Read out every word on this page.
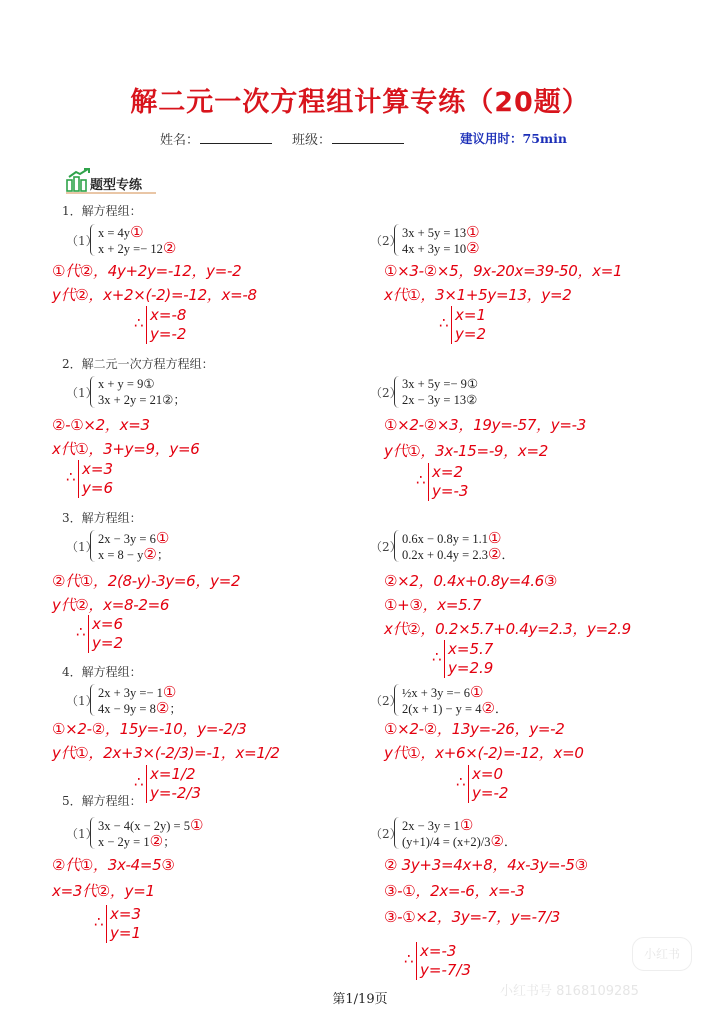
解二元一次方程组计算专练（20题）
姓名：	班级：	建议用时：75min
题型专练
1．解方程组：
（1）
x = 4y①
x + 2y =− 12②
①代②，4y+2y=-12，y=-2
y代②，x+2×(-2)=-12，x=-8
∴ x=-8
y=-2
（2）
3x + 5y = 13①
4x + 3y = 10②
①×3-②×5，9x-20x=39-50，x=1
x代①，3×1+5y=13，y=2
∴ x=1
y=2
2．解二元一次方程方程组：
（1）
x + y = 9①
3x + 2y = 21②；
②-①×2，x=3
x代①，3+y=9，y=6
∴ x=3
y=6
（2）
3x + 5y =− 9①
2x − 3y = 13②
①×2-②×3，19y=-57，y=-3
y代①，3x-15=-9，x=2
∴ x=2
y=-3
3．解方程组：
（1）
2x − 3y = 6①
x = 8 − y②；
②代①，2(8-y)-3y=6，y=2
y代②，x=8-2=6
∴ x=6
y=2
（2）
0.6x − 0.8y = 1.1①
0.2x + 0.4y = 2.3②．
②×2，0.4x+0.8y=4.6③
①+③，x=5.7
x代②，0.2×5.7+0.4y=2.3，y=2.9
∴ x=5.7
y=2.9
4．解方程组：
（1）
2x + 3y =− 1①
4x − 9y = 8②；
①×2-②，15y=-10，y=-2/3
y代①，2x+3×(-2/3)=-1，x=1/2
∴ x=1/2
y=-2/3
（2）
½x + 3y =− 6①
2(x + 1) − y = 4②．
①×2-②，13y=-26，y=-2
y代①，x+6×(-2)=-12，x=0
∴ x=0
y=-2
5．解方程组：
（1）
3x − 4(x − 2y) = 5①
x − 2y = 1②；
②代①，3x-4=5③
x=3代②，y=1
∴ x=3
y=1
（2）
2x − 3y = 1①
(y+1)/4 = (x+2)/3②．
② 3y+3=4x+8，4x-3y=-5③
③-①，2x=-6，x=-3
③-①×2，3y=-7，y=-7/3
∴ x=-3
y=-7/3
小红书
小红书号 8168109285
第1/19页
